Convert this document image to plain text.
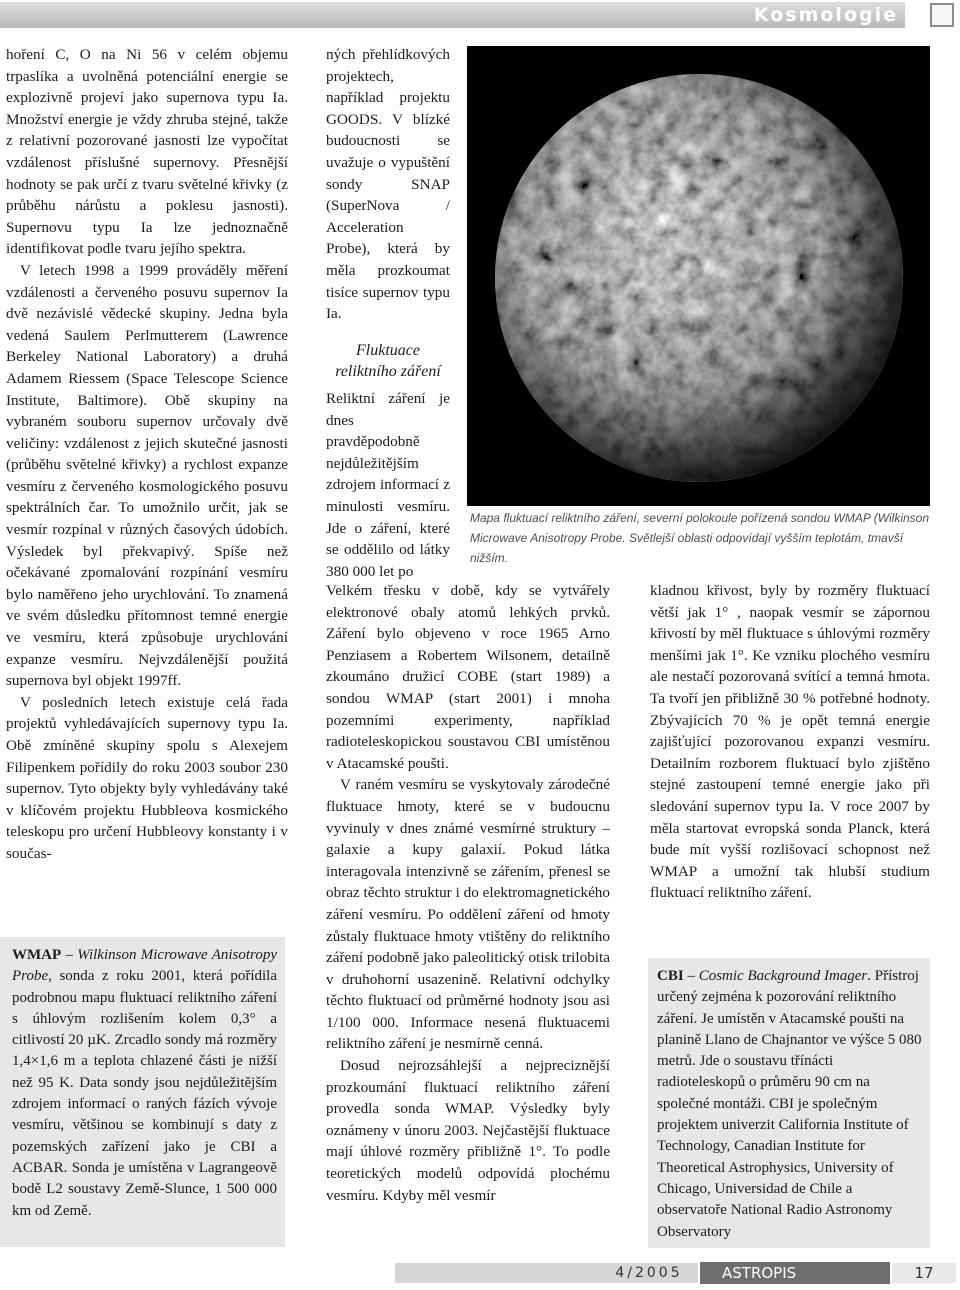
Kosmologie

hoření C, O na Ni 56 v celém objemu trpaslíka a uvolněná potenciální energie se explozivně projeví jako supernova typu Ia. Množství energie je vždy zhruba stejné, takže z relativní pozorované jasnosti lze vypočítat vzdálenost příslušné supernovy. Přesnější hodnoty se pak určí z tvaru světelné křivky (z průběhu nárůstu a poklesu jasnosti). Supernovu typu Ia lze jednoznačně identifikovat podle tvaru jejího spektra.

V letech 1998 a 1999 prováděly měření vzdálenosti a červeného posuvu supernov Ia dvě nezávislé vědecké skupiny. Jedna byla vedená Saulem Perlmutterem (Lawrence Berkeley National Laboratory) a druhá Adamem Riessem (Space Telescope Science Institute, Baltimore). Obě skupiny na vybraném souboru supernov určovaly dvě veličiny: vzdálenost z jejich skutečné jasnosti (průběhu světelné křivky) a rychlost expanze vesmíru z červeného kosmologického posuvu spektrálních čar. To umožnilo určit, jak se vesmír rozpínal v různých časových údobích. Výsledek byl překvapivý. Spíše než očekávané zpomalování rozpínání vesmíru bylo naměřeno jeho urychlování. To znamená ve svém důsledku přítomnost temné energie ve vesmíru, která způsobuje urychlování expanze vesmíru. Nejvzdálenější použitá supernova byl objekt 1997ff.

V posledních letech existuje celá řada projektů vyhledávajících supernovy typu Ia. Obě zmíněné skupiny spolu s Alexejem Filipenkem pořídily do roku 2003 soubor 230 supernov. Tyto objekty byly vyhledávány také v klíčovém projektu Hubbleova kosmického teleskopu pro určení Hubbleovy konstanty i v součas-

ných přehlídkových projektech, například projektu GOODS. V blízké budoucnosti se uvažuje o vypuštění sondy SNAP (SuperNova / Acceleration Probe), která by měla prozkoumat tisíce supernov typu Ia.

Fluktuace reliktního záření

Reliktní záření je dnes pravděpodobně nejdůležitějším zdrojem informací z minulosti vesmíru. Jde o záření, které se oddělilo od látky 380 000 let po

Mapa fluktuací reliktního záření, severní polokoule pořízená sondou WMAP (Wilkinson Microwave Anisotropy Probe. Světlejší oblasti odpovídají vyšším teplotám, tmavší nižším.

Velkém třesku v době, kdy se vytvářely elektronové obaly atomů lehkých prvků. Záření bylo objeveno v roce 1965 Arno Penziasem a Robertem Wilsonem, detailně zkoumáno družicí COBE (start 1989) a sondou WMAP (start 2001) i mnoha pozemními experimenty, například radioteleskopickou soustavou CBI umístěnou v Atacamské poušti.

V raném vesmíru se vyskytovaly zárodečné fluktuace hmoty, které se v budoucnu vyvinuly v dnes známé vesmírné struktury – galaxie a kupy galaxií. Pokud látka interagovala intenzivně se zářením, přenesl se obraz těchto struktur i do elektromagnetického záření vesmíru. Po oddělení záření od hmoty zůstaly fluktuace hmoty vtištěny do reliktního záření podobně jako paleolitický otisk trilobita v druhohorní usazenině. Relativní odchylky těchto fluktuací od průměrné hodnoty jsou asi 1/100 000. Informace nesená fluktuacemi reliktního záření je nesmírně cenná.

Dosud nejrozsáhlejší a nejpreciznější prozkoumání fluktuací reliktního záření provedla sonda WMAP. Výsledky byly oznámeny v únoru 2003. Nejčastější fluktuace mají úhlové rozměry přibližně 1°. To podle teoretických modelů odpovídá plochému vesmíru. Kdyby měl vesmír

kladnou křivost, byly by rozměry fluktuací větší jak 1° , naopak vesmír se zápornou křivostí by měl fluktuace s úhlovými rozměry menšími jak 1°. Ke vzniku plochého vesmíru ale nestačí pozorovaná svítící a temná hmota. Ta tvoří jen přibližně 30 % potřebné hodnoty. Zbývajících 70 % je opět temná energie zajišťující pozorovanou expanzi vesmíru. Detailním rozborem fluktuací bylo zjištěno stejné zastoupení temné energie jako při sledování supernov typu Ia. V roce 2007 by měla startovat evropská sonda Planck, která bude mít vyšší rozlišovací schopnost než WMAP a umožní tak hlubší studium fluktuací reliktního záření.

WMAP – Wilkinson Microwave Anisotropy Probe, sonda z roku 2001, která pořídila podrobnou mapu fluktuací reliktního záření s úhlovým rozlišením kolem 0,3° a citlivostí 20 µK. Zrcadlo sondy má rozměry 1,4×1,6 m a teplota chlazené části je nižší než 95 K. Data sondy jsou nejdůležitějším zdrojem informací o raných fázích vývoje vesmíru, většinou se kombinují s daty z pozemských zařízení jako je CBI a ACBAR. Sonda je umístěna v Lagrangeově bodě L2 soustavy Země-Slunce, 1 500 000 km od Země.

CBI – Cosmic Background Imager. Přístroj určený zejména k pozorování reliktního záření. Je umístěn v Atacamské poušti na planině Llano de Chajnantor ve výšce 5 080 metrů. Jde o soustavu třínácti radioteleskopů o průměru 90 cm na společné montáži. CBI je společným projektem univerzit California Institute of Technology, Canadian Institute for Theoretical Astrophysics, University of Chicago, Universidad de Chile a observatoře National Radio Astronomy Observatory

4/2005	ASTROPIS	17
